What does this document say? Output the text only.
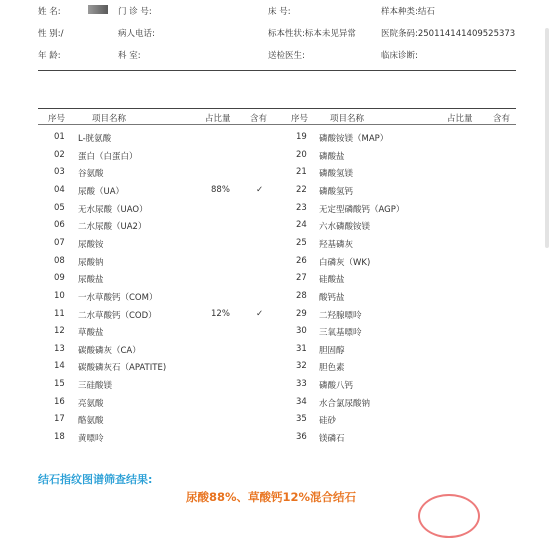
姓 名:	门 诊 号:	床 号:	样本种类:结石
性 别:/	病人电话:	标本性状:标本未见异常	医院条码:2501141414095253​73
年 龄:	科 室:	送检医生:	临床诊断:
序号	项目名称	占比量 含有	序号	项目名称	占比量 含有
01 L-胱氨酸	19 磷酸铵镁（MAP）
02 蛋白（白蛋白）	20 磷酸盐
03 谷氨酸	21 磷酸氢镁
04 尿酸（UA）	88%	✓	22 磷酸氢钙
05 无水尿酸（UAO）	23 无定型磷酸钙（AGP）
06 二水尿酸（UA2）	24 六水磷酸铵镁
07 尿酸铵	25 羟基磷灰
08 尿酸钠	26 白磷灰（WK)
09 尿酸盐	27 硅酸盐
10 一水草酸钙（COM）	28 酸钙盐
11 二水草酸钙（COD）	12%	✓	29 二羟腺嘌呤
12 草酸盐	30 三氧基嘌呤
13 碳酸磷灰（CA）	31 胆固醇
14 碳酸磷灰石（APATITE)	32 胆色素
15 三硅酸镁	33 磷酸八钙
16 亮氨酸	34 水合氯尿酸钠
17 酪氨酸	35 硅砂
18 黄嘌呤	36 镁磷石
结石指纹图谱筛查结果:
尿酸88%、草酸钙12%混合结石
